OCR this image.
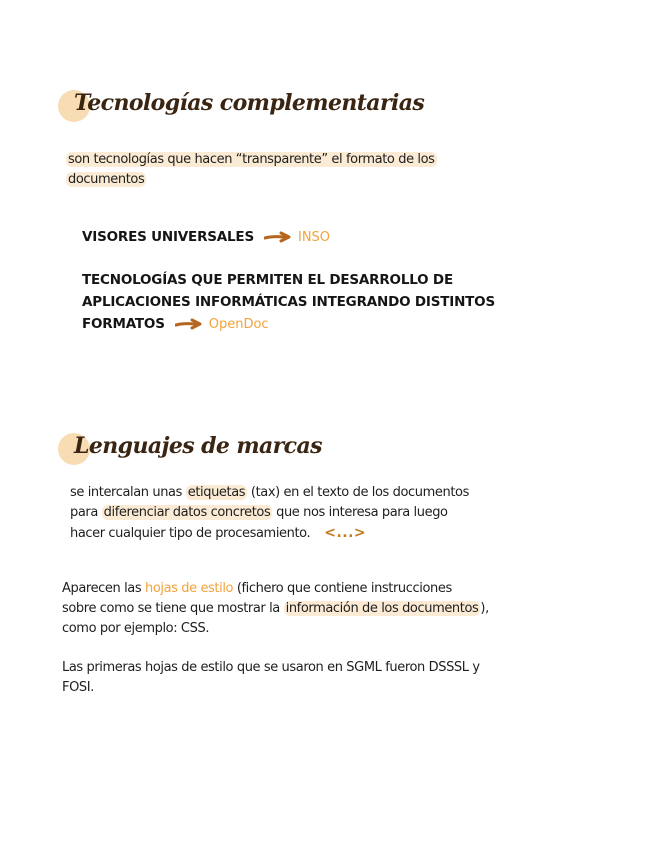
Tecnologías complementarias

son tecnologías que hacen “transparente” el formato de los
documentos

VISORES UNIVERSALES	INSO

TECNOLOGÍAS QUE PERMITEN EL DESARROLLO DE
APLICACIONES INFORMÁTICAS INTEGRANDO DISTINTOS
FORMATOS	OpenDoc

Lenguajes de marcas

se intercalan unas etiquetas (tax) en el texto de los documentos
para diferenciar datos concretos que nos interesa para luego
hacer cualquier tipo de procesamiento. <...>

Aparecen las hojas de estilo (fichero que contiene instrucciones
sobre como se tiene que mostrar la información de los documentos ),
como por ejemplo: CSS.

Las primeras hojas de estilo que se usaron en SGML fueron DSSSL y
FOSI.
